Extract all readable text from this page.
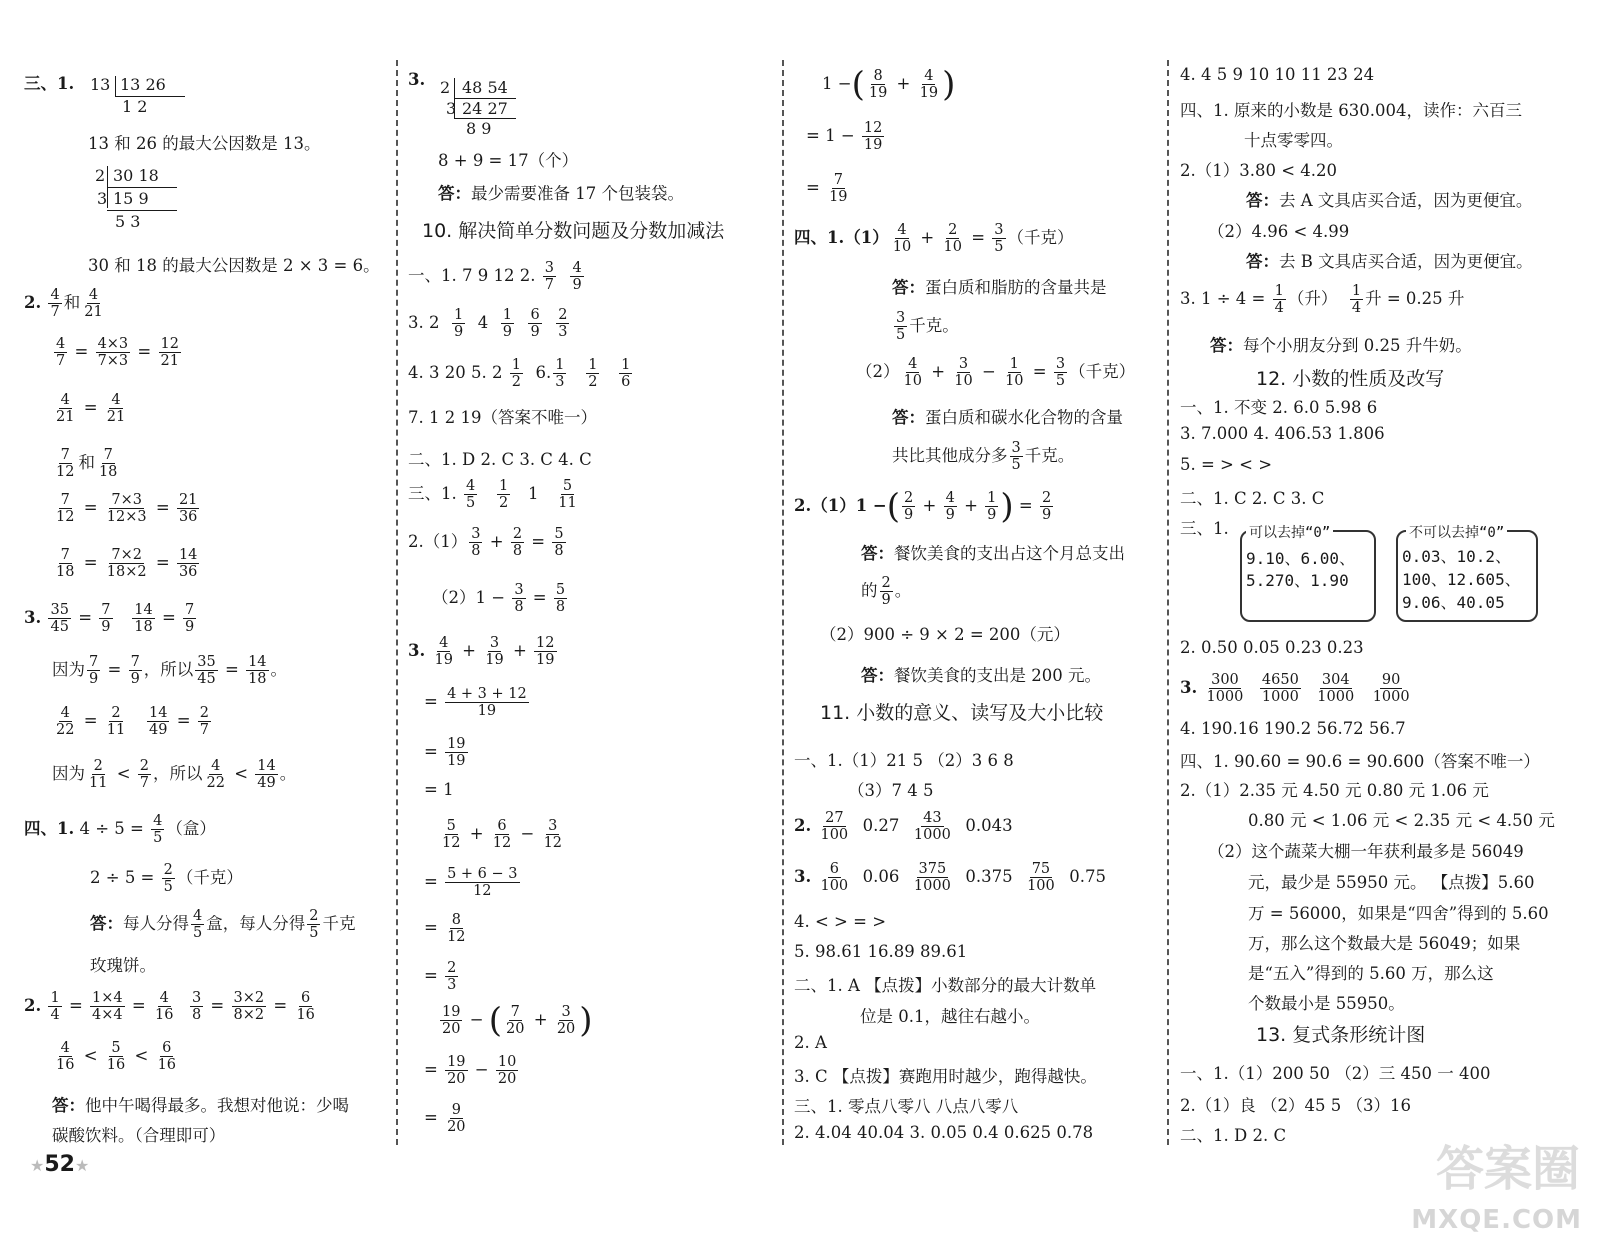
三、1. 13 13 26
1 2
13 和 26 的最大公因数是 13。
2 30 18
3 15 9
5 3
30 和 18 的最大公因数是 2 × 3 = 6。
2. $\frac{4}{7}$ 和 $\frac{4}{21}$
$\frac{4}{7} = \frac{4\times 3}{7\times 3} = \frac{12}{21}$
$\frac{4}{21} = \frac{4}{21}$
$\frac{7}{12}$ 和 $\frac{7}{18}$
$\frac{7}{12} = \frac{7\times 3}{12\times 3} = \frac{21}{36}$
$\frac{7}{18} = \frac{7\times 2}{18\times 2} = \frac{14}{36}$
3. $\frac{35}{45} = \frac{7}{9}$
$\frac{14}{18} = \frac{7}{9}$
因为 $\frac{7}{9} = \frac{7}{9}$ ，所以 $\frac{35}{45} = \frac{14}{18}$ 。
$\frac{4}{22} = \frac{2}{11}$
$\frac{14}{49} = \frac{2}{7}$
因为 $\frac{2}{11} < \frac{2}{7}$ ，所以 $\frac{4}{22} < \frac{14}{49}$ 。
四、1. $4 \div 5 = \frac{4}{5}$ （盒）
$2 \div 5 = \frac{2}{5}$ （千克）
答：每人分得 $\frac{4}{5}$ 盒，每人分得 $\frac{2}{5}$ 千克
玫瑰饼。
2. $\frac{1}{4} = \frac{1\times 4}{4\times 4} = \frac{4}{16}$
$\frac{3}{8} = \frac{3\times 2}{8\times 2} = \frac{6}{16}$
$\frac{4}{16} < \frac{5}{16} < \frac{6}{16}$
答：他中午喝得最多。我想对他说：少喝
碳酸饮料。（合理即可）
★52★
3. 2 48 54
3 24 27
8 9
8 + 9 = 17（个）
答：最少需要准备 17 个包装袋。
10. 解决简单分数问题及分数加减法
一、1. 7 9 12 2. $\frac{3}{7}$
$\frac{4}{9}$
3. $2 \frac{1}{9} 4 \frac{1}{9}$
$\frac{6}{9}$
$\frac{2}{3}$
4. 3 20 5. $2 \frac{1}{2} 6$. $\frac{1}{3}$
$\frac{1}{2}$
$\frac{1}{6}$
7. 1 2 19（答案不唯一）
二、1. D 2. C 3. C 4. C
三、1. $\frac{4}{5}$
$\frac{1}{2} 1 \frac{5}{11}$
$2.(1) \frac{3}{8} + \frac{2}{8} = \frac{5}{8}$
$(2)1 - \frac{3}{8} = \frac{5}{8}$
3. $\frac{4}{19} + \frac{3}{19} + \frac{12}{19}$
= $\frac{4 + 3 + 12}{19}$
= $\frac{19}{19}$
= 1
$\frac{5}{12} + \frac{6}{12} - \frac{3}{12}$
= $\frac{5 + 6 - 3}{12}$
= $\frac{8}{12}$
= $\frac{2}{3}$
$\frac{19}{20}$ − ( $\frac{7}{20} + \frac{3}{20}$ )
= $\frac{19}{20} - \frac{10}{20}$
= $\frac{9}{20}$
1 −( $\frac{8}{19} + \frac{4}{19}$ )
= $1 - \frac{12}{19}$
= $\frac{7}{19}$
四、$1.(1) \frac{4}{10} + \frac{2}{10} = \frac{3}{5}$ （千克）
答：蛋白质和脂肪的含量共是
$\frac{3}{5}$ 千克。
$(2) \frac{4}{10} + \frac{3}{10} - \frac{1}{10} = \frac{3}{5}$ （千克）
答：蛋白质和碳水化合物的含量
共比其他成分多 $\frac{3}{5}$ 千克。
2.（1）1 −( $\frac{2}{9} + \frac{4}{9} + \frac{1}{9}$ ) = $\frac{2}{9}$
答：餐饮美食的支出占这个月总支出
的 $\frac{2}{9}$ 。
（2）900 ÷ 9 × 2 = 200（元）
答：餐饮美食的支出是 200 元。
11. 小数的意义、读写及大小比较
一、1.（1）21 5 （2）3 6 8
（3）7 4 5
2. $\frac{27}{100} 0.27 \frac{43}{1000} 0.043$
3. $\frac{6}{100} 0.06 \frac{375}{1000} 0.375 \frac{75}{100} 0.75$
4. < > = >
5. 98.61 16.89 89.61
二、1. A 【点拨】小数部分的最大计数单
位是 0.1，越往右越小。
2. A
3. C 【点拨】赛跑用时越少，跑得越快。
三、1. 零点八零八 八点八零八
2. 4.04 40.04 3. 0.05 0.4 0.625 0.78
4. 4 5 9 10 10 11 23 24
四、1. 原来的小数是 630.004，读作：六百三
十点零零四。
2.（1）3.80 < 4.20
答：去 A 文具店买合适，因为更便宜。
（2）4.96 < 4.99
答：去 B 文具店买合适，因为更便宜。
3. $1 \div 4 = \frac{1}{4}$ （升） $\frac{1}{4}$ 升 = 0.25 升
答：每个小朋友分到 0.25 升牛奶。
12. 小数的性质及改写
一、1. 不变 2. 6.0 5.98 6
3. 7.000 4. 406.53 1.806
5. = > < >
二、1. C 2. C 3. C
三、1. 可以去掉“0”
9.10、6.00、
5.270、1.90
不可以去掉“0”
0.03、10.2、
100、12.605、
9.06、40.05
2. 0.50 0.05 0.23 0.23
3. $\frac{300}{1000}$
$\frac{4650}{1000}$
$\frac{304}{1000}$
$\frac{90}{1000}$
4. 190.16 190.2 56.72 56.7
四、1. 90.60 = 90.6 = 90.600（答案不唯一）
2.（1）2.35 元 4.50 元 0.80 元 1.06 元
0.80 元 < 1.06 元 < 2.35 元 < 4.50 元
（2）这个蔬菜大棚一年获利最多是 56049
元，最少是 55950 元。 【点拨】5.60
万 = 56000，如果是“四舍”得到的 5.60
万，那么这个数最大是 56049；如果
是“五入”得到的 5.60 万，那么这
个数最小是 55950。
13. 复式条形统计图
一、1.（1）200 50 （2）三 450 一 400
2.（1）良 （2）45 5 （3）16
二、1. D 2. C
答案圈
MXQE.COM
